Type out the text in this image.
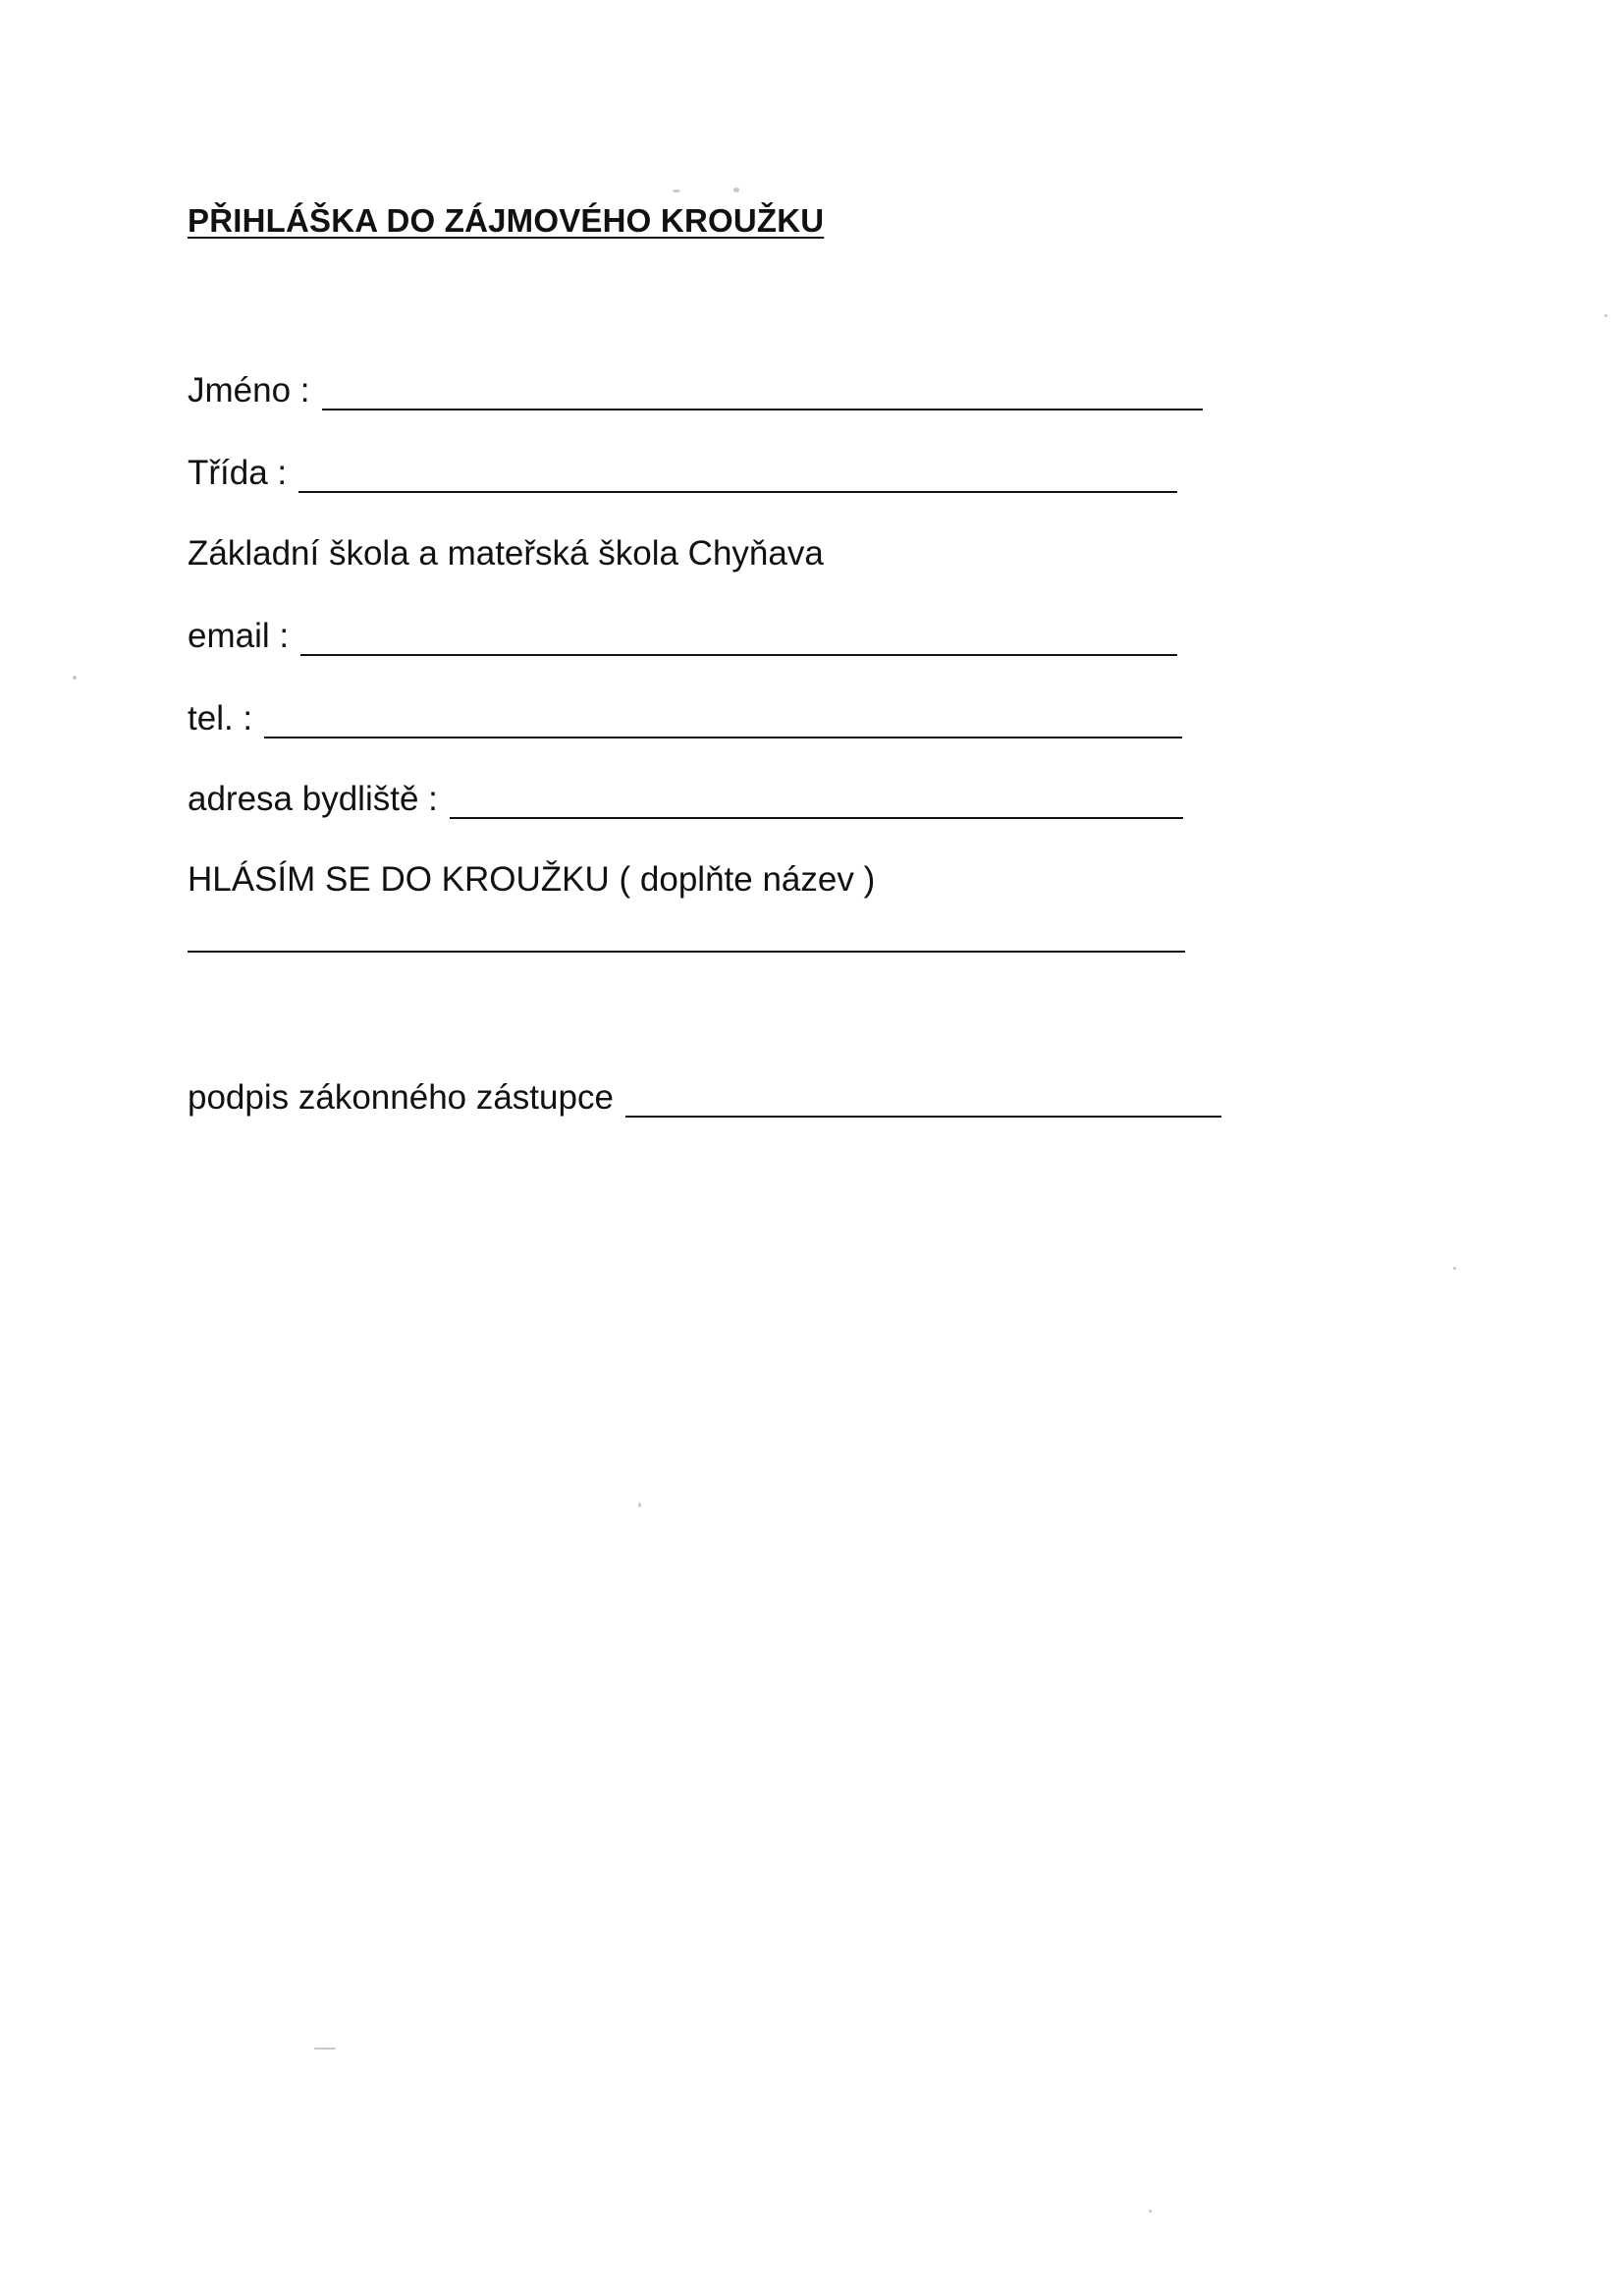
PŘIHLÁŠKA DO ZÁJMOVÉHO KROUŽKU
Jméno :
Třída :
Základní škola a mateřská škola Chyňava
email :
tel. :
adresa bydliště :
HLÁSÍM SE DO KROUŽKU ( doplňte název )
podpis zákonného zástupce
